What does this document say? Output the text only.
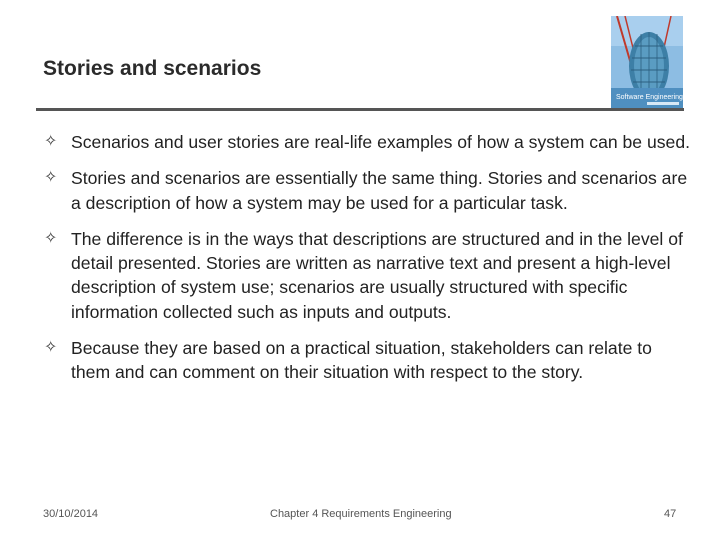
Stories and scenarios
Software Engineering
✧ Scenarios and user stories are real-life examples of how a system can be used.
✧ Stories and scenarios are essentially the same thing. Stories and scenarios are a description of how a system may be used for a particular task.
✧ The difference is in the ways that descriptions are structured and in the level of detail presented. Stories are written as narrative text and present a high-level description of system use; scenarios are usually structured with specific information collected such as inputs and outputs.
✧ Because they are based on a practical situation, stakeholders can relate to them and can comment on their situation with respect to the story.
30/10/2014	Chapter 4 Requirements Engineering	47
